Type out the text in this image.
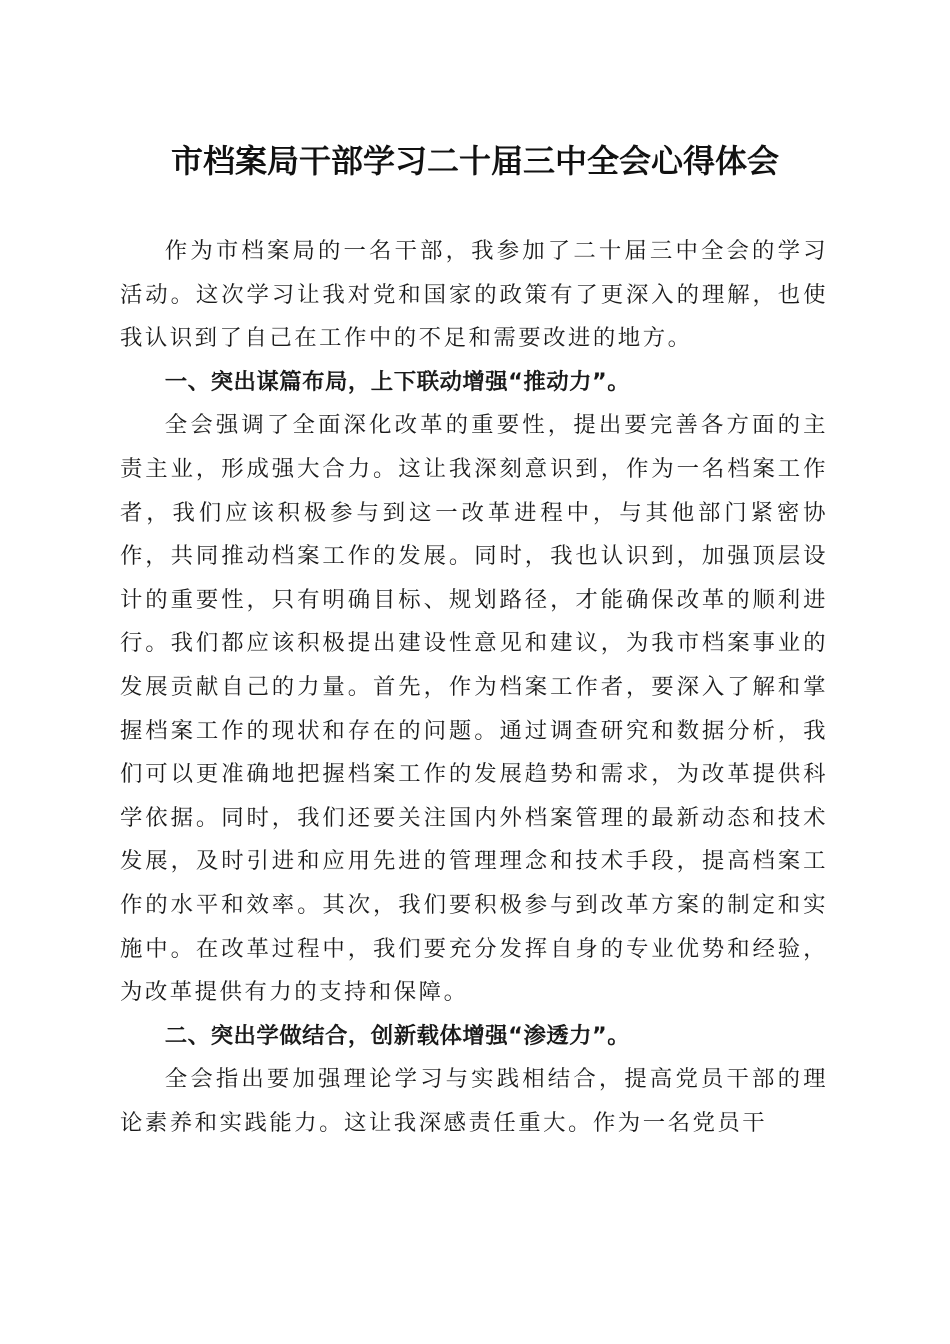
市档案局干部学习二十届三中全会心得体会

作为市档案局的一名干部，我参加了二十届三中全会的学习活动。这次学习让我对党和国家的政策有了更深入的理解，也使我认识到了自己在工作中的不足和需要改进的地方。

一、突出谋篇布局，上下联动增强“推动力”。

全会强调了全面深化改革的重要性，提出要完善各方面的主责主业，形成强大合力。这让我深刻意识到，作为一名档案工作者，我们应该积极参与到这一改革进程中，与其他部门紧密协作，共同推动档案工作的发展。同时，我也认识到，加强顶层设计的重要性，只有明确目标、规划路径，才能确保改革的顺利进行。我们都应该积极提出建设性意见和建议，为我市档案事业的发展贡献自己的力量。首先，作为档案工作者，要深入了解和掌握档案工作的现状和存在的问题。通过调查研究和数据分析，我们可以更准确地把握档案工作的发展趋势和需求，为改革提供科学依据。同时，我们还要关注国内外档案管理的最新动态和技术发展，及时引进和应用先进的管理理念和技术手段，提高档案工作的水平和效率。其次，我们要积极参与到改革方案的制定和实施中。在改革过程中，我们要充分发挥自身的专业优势和经验，为改革提供有力的支持和保障。

二、突出学做结合，创新载体增强“渗透力”。

全会指出要加强理论学习与实践相结合，提高党员干部的理论素养和实践能力。这让我深感责任重大。作为一名党员干
